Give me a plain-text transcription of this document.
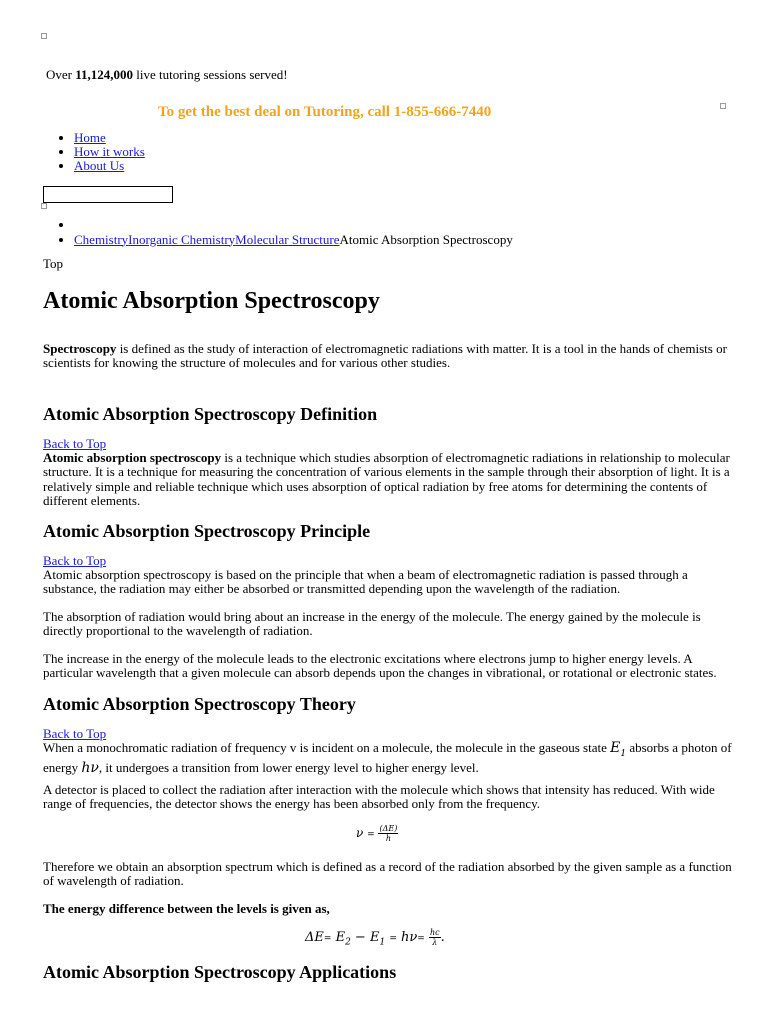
Over 11,124,000 live tutoring sessions served!
To get the best deal on Tutoring, call 1-855-666-7440
• Home
• How it works
• About Us
•
• ChemistryInorganic ChemistryMolecular StructureAtomic Absorption Spectroscopy
Top
Atomic Absorption Spectroscopy

Spectroscopy is defined as the study of interaction of electromagnetic radiations with matter. It is a tool in the hands of chemists or scientists for knowing the structure of molecules and for various other studies.

Atomic Absorption Spectroscopy Definition

Back to Top
Atomic absorption spectroscopy is a technique which studies absorption of electromagnetic radiations in relationship to molecular structure. It is a technique for measuring the concentration of various elements in the sample through their absorption of light. It is a relatively simple and reliable technique which uses absorption of optical radiation by free atoms for determining the contents of different elements.

Atomic Absorption Spectroscopy Principle

Back to Top
Atomic absorption spectroscopy is based on the principle that when a beam of electromagnetic radiation is passed through a substance, the radiation may either be absorbed or transmitted depending upon the wavelength of the radiation.

The absorption of radiation would bring about an increase in the energy of the molecule. The energy gained by the molecule is directly proportional to the wavelength of radiation.

The increase in the energy of the molecule leads to the electronic excitations where electrons jump to higher energy levels. A particular wavelength that a given molecule can absorb depends upon the changes in vibrational, or rotational or electronic states.

Atomic Absorption Spectroscopy Theory

Back to Top
When a monochromatic radiation of frequency v is incident on a molecule, the molecule in the gaseous state $E_1$ absorbs a photon of energy hν, it undergoes a transition from lower energy level to higher energy level.

A detector is placed to collect the radiation after interaction with the molecule which shows that intensity has reduced. With wide range of frequencies, the detector shows the energy has been absorbed only from the frequency.

$\nu = \frac{(\Delta E)}{h}$

Therefore we obtain an absorption spectrum which is defined as a record of the radiation absorbed by the given sample as a function of wavelength of radiation.

The energy difference between the levels is given as,

$\Delta E= E_2 - E_1 = h\nu= \frac{hc}{\lambda}$ .
Atomic Absorption Spectroscopy Applications
